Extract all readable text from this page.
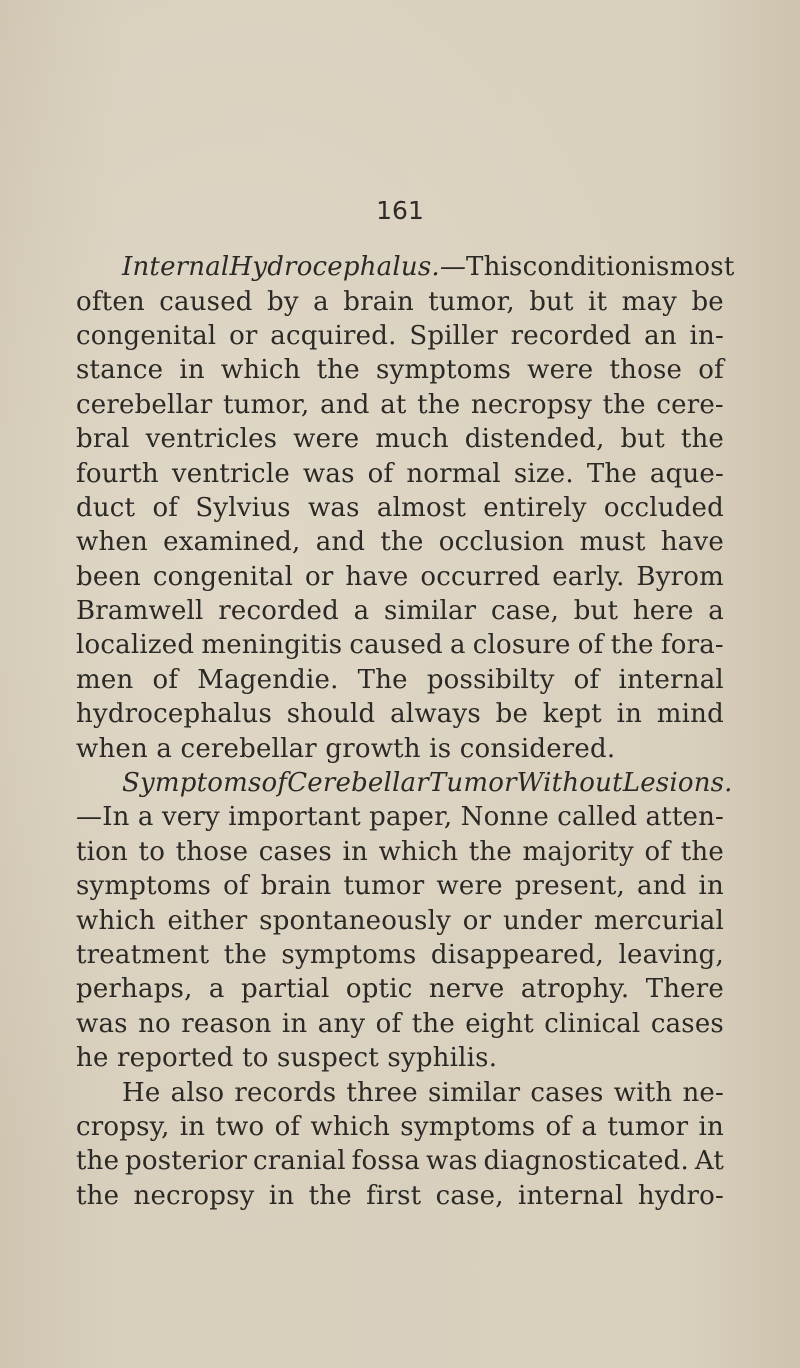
161
Internal Hydrocephalus.—This condition is most
often caused by a brain tumor, but it may be
congenital or acquired. Spiller recorded an in-
stance in which the symptoms were those of
cerebellar tumor, and at the necropsy the cere-
bral ventricles were much distended, but the
fourth ventricle was of normal size. The aque-
duct of Sylvius was almost entirely occluded
when examined, and the occlusion must have
been congenital or have occurred early. Byrom
Bramwell recorded a similar case, but here a
localized meningitis caused a closure of the fora-
men of Magendie. The possibilty of internal
hydrocephalus should always be kept in mind
when a cerebellar growth is considered.
Symptoms of Cerebellar Tumor Without Lesions.
—In a very important paper, Nonne called atten-
tion to those cases in which the majority of the
symptoms of brain tumor were present, and in
which either spontaneously or under mercurial
treatment the symptoms disappeared, leaving,
perhaps, a partial optic nerve atrophy. There
was no reason in any of the eight clinical cases
he reported to suspect syphilis.
He also records three similar cases with ne-
cropsy, in two of which symptoms of a tumor in
the posterior cranial fossa was diagnosticated. At
the necropsy in the first case, internal hydro-
